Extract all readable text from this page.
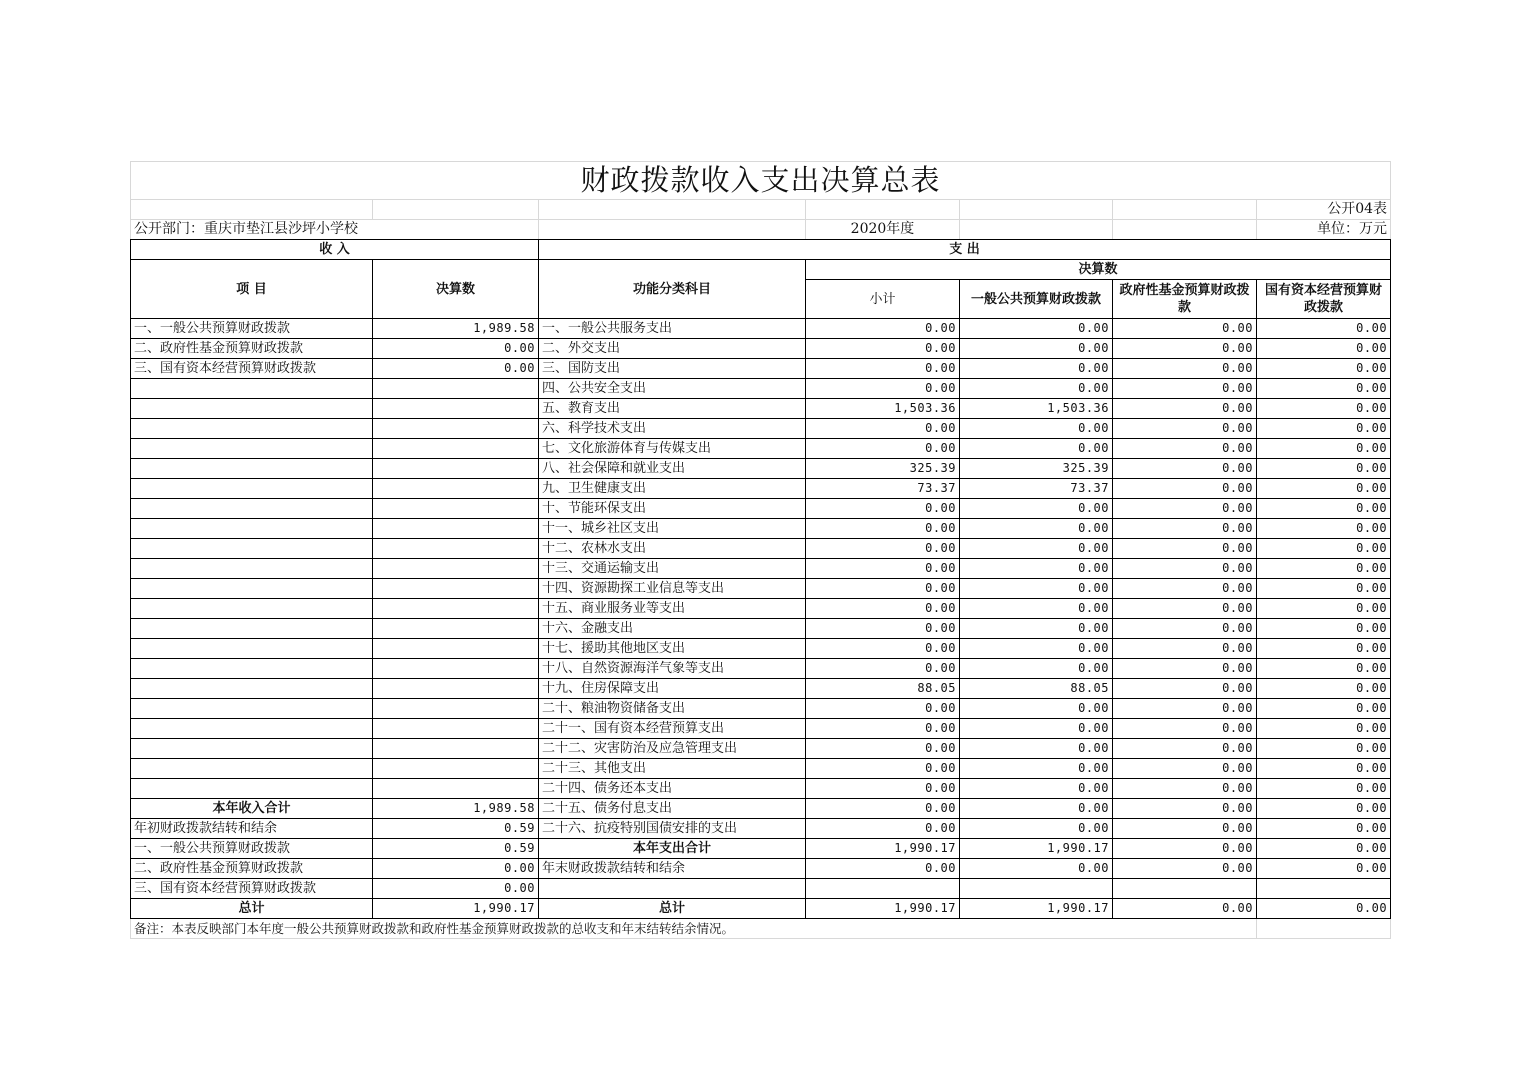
财政拨款收入支出决算总表						
						公开04表
公开部门：重庆市垫江县沙坪小学校			2020年度			单位：万元
收 入		支 出				
项 目	决算数	功能分类科目	决算数			
			小计	一般公共预算财政拨款	政府性基金预算财政拨款	国有资本经营预算财政拨款
一、一般公共预算财政拨款	1,989.58	一、一般公共服务支出	0.00	0.00	0.00	0.00
二、政府性基金预算财政拨款	0.00	二、外交支出	0.00	0.00	0.00	0.00
三、国有资本经营预算财政拨款	0.00	三、国防支出	0.00	0.00	0.00	0.00
		四、公共安全支出	0.00	0.00	0.00	0.00
		五、教育支出	1,503.36	1,503.36	0.00	0.00
		六、科学技术支出	0.00	0.00	0.00	0.00
		七、文化旅游体育与传媒支出	0.00	0.00	0.00	0.00
		八、社会保障和就业支出	325.39	325.39	0.00	0.00
		九、卫生健康支出	73.37	73.37	0.00	0.00
		十、节能环保支出	0.00	0.00	0.00	0.00
		十一、城乡社区支出	0.00	0.00	0.00	0.00
		十二、农林水支出	0.00	0.00	0.00	0.00
		十三、交通运输支出	0.00	0.00	0.00	0.00
		十四、资源勘探工业信息等支出	0.00	0.00	0.00	0.00
		十五、商业服务业等支出	0.00	0.00	0.00	0.00
		十六、金融支出	0.00	0.00	0.00	0.00
		十七、援助其他地区支出	0.00	0.00	0.00	0.00
		十八、自然资源海洋气象等支出	0.00	0.00	0.00	0.00
		十九、住房保障支出	88.05	88.05	0.00	0.00
		二十、粮油物资储备支出	0.00	0.00	0.00	0.00
		二十一、国有资本经营预算支出	0.00	0.00	0.00	0.00
		二十二、灾害防治及应急管理支出	0.00	0.00	0.00	0.00
		二十三、其他支出	0.00	0.00	0.00	0.00
		二十四、债务还本支出	0.00	0.00	0.00	0.00
本年收入合计	1,989.58	二十五、债务付息支出	0.00	0.00	0.00	0.00
年初财政拨款结转和结余	0.59	二十六、抗疫特别国债安排的支出	0.00	0.00	0.00	0.00
一、一般公共预算财政拨款	0.59	本年支出合计	1,990.17	1,990.17	0.00	0.00
二、政府性基金预算财政拨款	0.00	年末财政拨款结转和结余	0.00	0.00	0.00	0.00
三、国有资本经营预算财政拨款	0.00					
总计	1,990.17	总计	1,990.17	1,990.17	0.00	0.00
备注：本表反映部门本年度一般公共预算财政拨款和政府性基金预算财政拨款的总收支和年末结转结余情况。						
